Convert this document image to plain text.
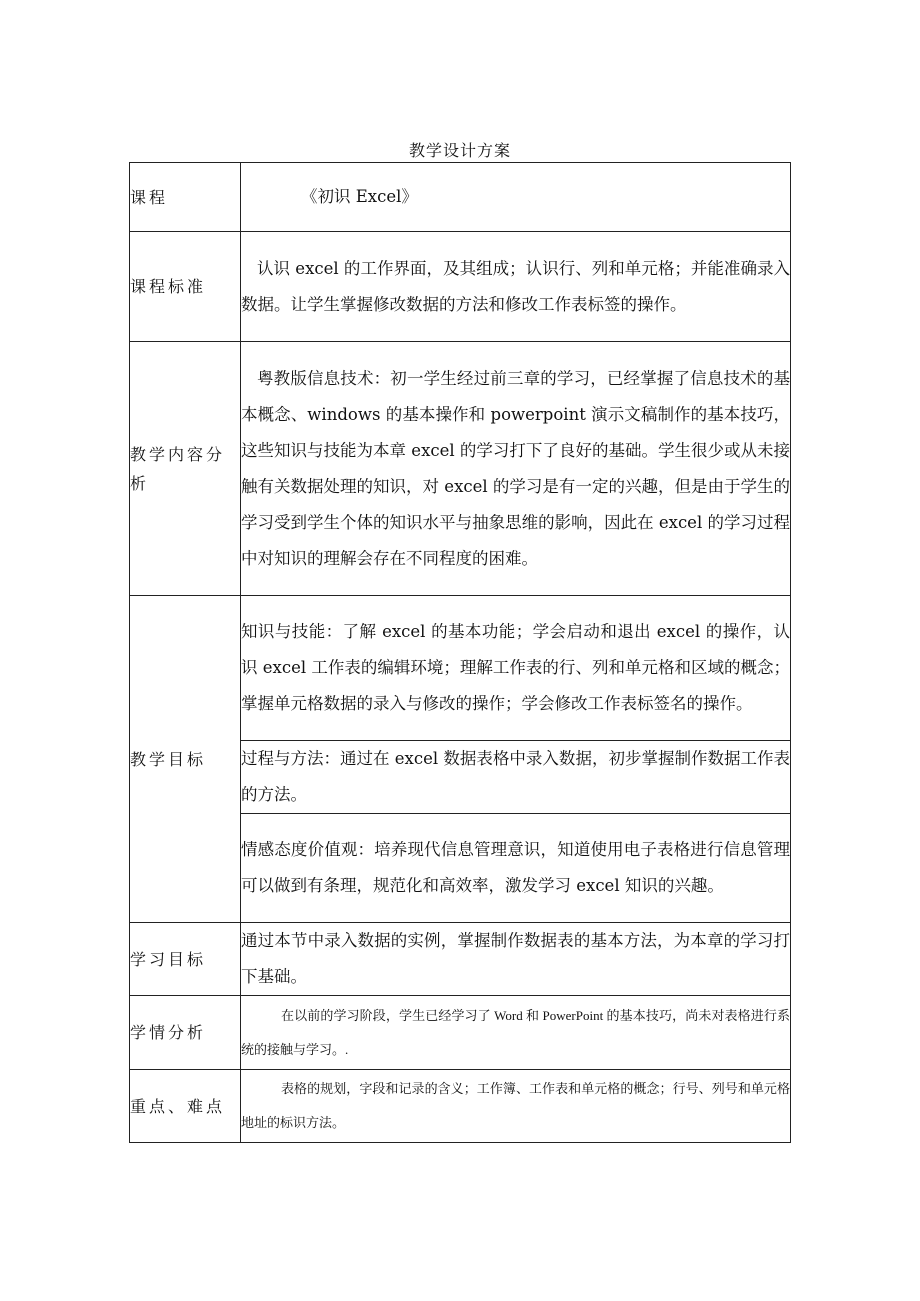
教学设计方案
课程	《初识 Excel》
课程标准	认识 excel 的工作界面，及其组成；认识行、列和单元格；并能准确录入数据。让学生掌握修改数据的方法和修改工作表标签的操作。
教学内容分析	粤教版信息技术：初一学生经过前三章的学习，已经掌握了信息技术的基本概念、windows 的基本操作和 powerpoint 演示文稿制作的基本技巧，这些知识与技能为本章 excel 的学习打下了良好的基础。学生很少或从未接触有关数据处理的知识，对 excel 的学习是有一定的兴趣，但是由于学生的学习受到学生个体的知识水平与抽象思维的影响，因此在 excel 的学习过程中对知识的理解会存在不同程度的困难。
教学目标	知识与技能：了解 excel 的基本功能；学会启动和退出 excel 的操作，认识 excel 工作表的编辑环境；理解工作表的行、列和单元格和区域的概念；掌握单元格数据的录入与修改的操作；学会修改工作表标签名的操作。
	过程与方法：通过在 excel 数据表格中录入数据，初步掌握制作数据工作表的方法。
	情感态度价值观：培养现代信息管理意识，知道使用电子表格进行信息管理可以做到有条理，规范化和高效率，激发学习 excel 知识的兴趣。
学习目标	通过本节中录入数据的实例，掌握制作数据表的基本方法，为本章的学习打下基础。
学情分析	在以前的学习阶段，学生已经学习了 Word 和 PowerPoint 的基本技巧，尚未对表格进行系统的接触与学习。.
重点、难点	表格的规划，字段和记录的含义；工作簿、工作表和单元格的概念；行号、列号和单元格地址的标识方法。
